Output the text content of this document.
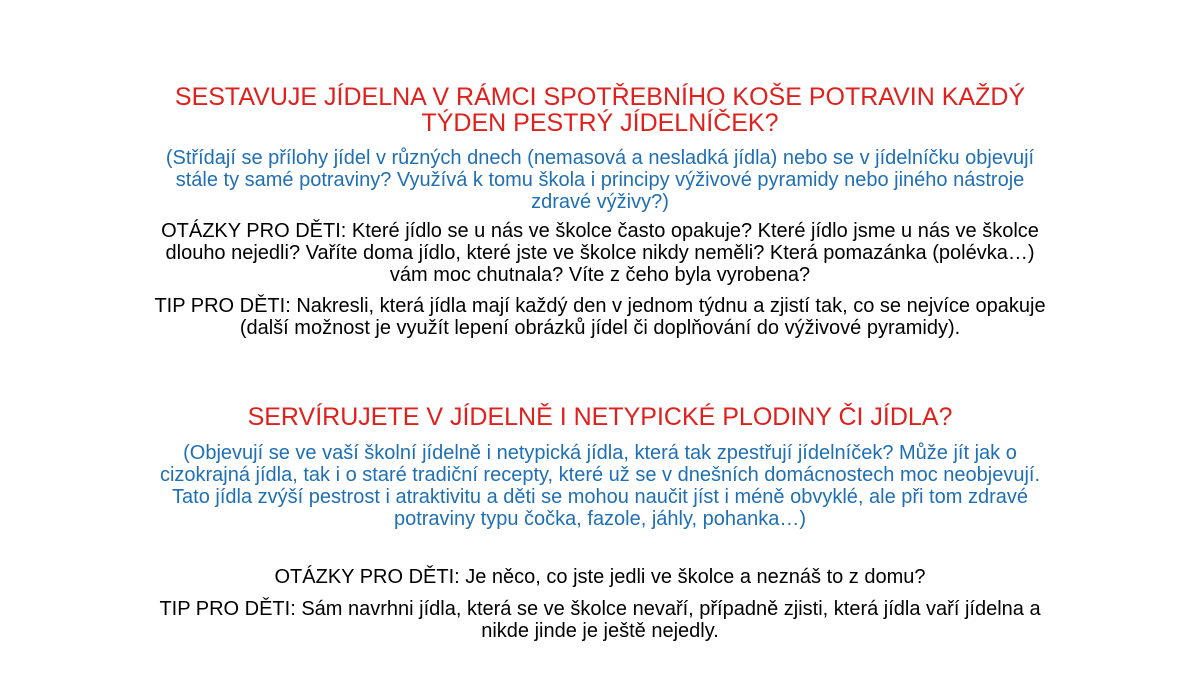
SESTAVUJE JÍDELNA V RÁMCI SPOTŘEBNÍHO KOŠE POTRAVIN KAŽDÝ TÝDEN PESTRÝ JÍDELNÍČEK?

(Střídají se přílohy jídel v různých dnech (nemasová a nesladká jídla) nebo se v jídelníčku objevují stále ty samé potraviny? Využívá k tomu škola i principy výživové pyramidy nebo jiného nástroje zdravé výživy?)

OTÁZKY PRO DĚTI: Které jídlo se u nás ve školce často opakuje? Které jídlo jsme u nás ve školce dlouho nejedli? Vaříte doma jídlo, které jste ve školce nikdy neměli? Která pomazánka (polévka…) vám moc chutnala? Víte z čeho byla vyrobena?

TIP PRO DĚTI: Nakresli, která jídla mají každý den v jednom týdnu a zjistí tak, co se nejvíce opakuje (další možnost je využít lepení obrázků jídel či doplňování do výživové pyramidy).

SERVÍRUJETE V JÍDELNĚ I NETYPICKÉ PLODINY ČI JÍDLA?

(Objevují se ve vaší školní jídelně i netypická jídla, která tak zpestřují jídelníček? Může jít jak o cizokrajná jídla, tak i o staré tradiční recepty, které už se v dnešních domácnostech moc neobjevují. Tato jídla zvýší pestrost i atraktivitu a děti se mohou naučit jíst i méně obvyklé, ale při tom zdravé potraviny typu čočka, fazole, jáhly, pohanka…)

OTÁZKY PRO DĚTI: Je něco, co jste jedli ve školce a neznáš to z domu?

TIP PRO DĚTI: Sám navrhni jídla, která se ve školce nevaří, případně zjisti, která jídla vaří jídelna a nikde jinde je ještě nejedly.
